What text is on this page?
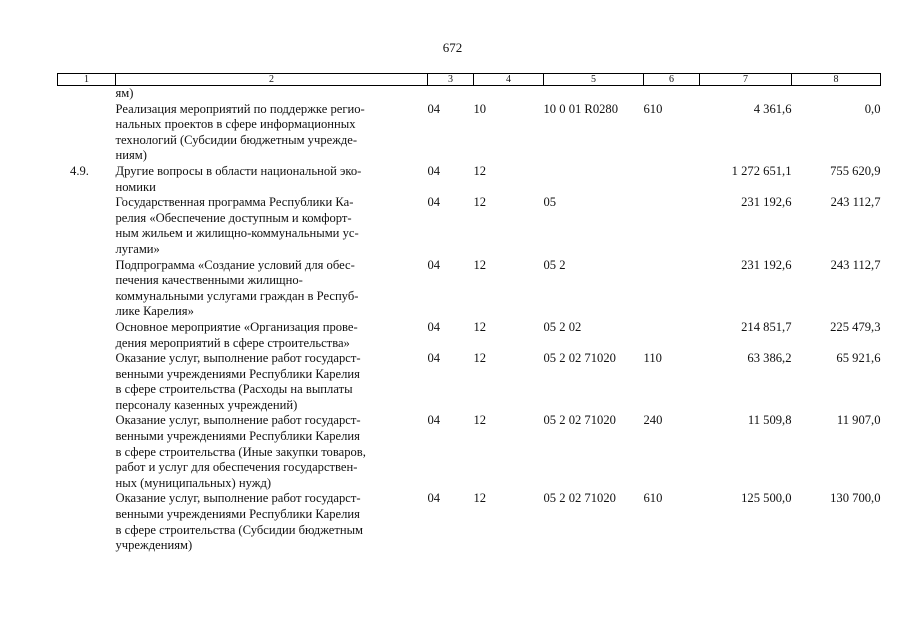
672
1	2	3	4	5	6	7	8
	ям)						
	Реализация мероприятий по поддержке регио-
нальных проектов в сфере информационных
технологий (Субсидии бюджетным учрежде-
ниям)	04	10	10 0 01 R0280	610	4 361,6	0,0
4.9.	Другие вопросы в области национальной эко-
номики	04	12			1 272 651,1	755 620,9
	Государственная программа Республики Ка-
релия «Обеспечение доступным и комфорт-
ным жильем и жилищно-коммунальными ус-
лугами»	04	12	05		231 192,6	243 112,7
	Подпрограмма «Создание условий для обес-
печения качественными жилищно-
коммунальными услугами граждан в Респуб-
лике Карелия»	04	12	05 2		231 192,6	243 112,7
	Основное мероприятие «Организация прове-
дения мероприятий в сфере строительства»	04	12	05 2 02		214 851,7	225 479,3
	Оказание услуг, выполнение работ государст-
венными учреждениями Республики Карелия
в сфере строительства (Расходы на выплаты
персоналу казенных учреждений)	04	12	05 2 02 71020	110	63 386,2	65 921,6
	Оказание услуг, выполнение работ государст-
венными учреждениями Республики Карелия
в сфере строительства (Иные закупки товаров,
работ и услуг для обеспечения государствен-
ных (муниципальных) нужд)	04	12	05 2 02 71020	240	11 509,8	11 907,0
	Оказание услуг, выполнение работ государст-
венными учреждениями Республики Карелия
в сфере строительства (Субсидии бюджетным
учреждениям)	04	12	05 2 02 71020	610	125 500,0	130 700,0
